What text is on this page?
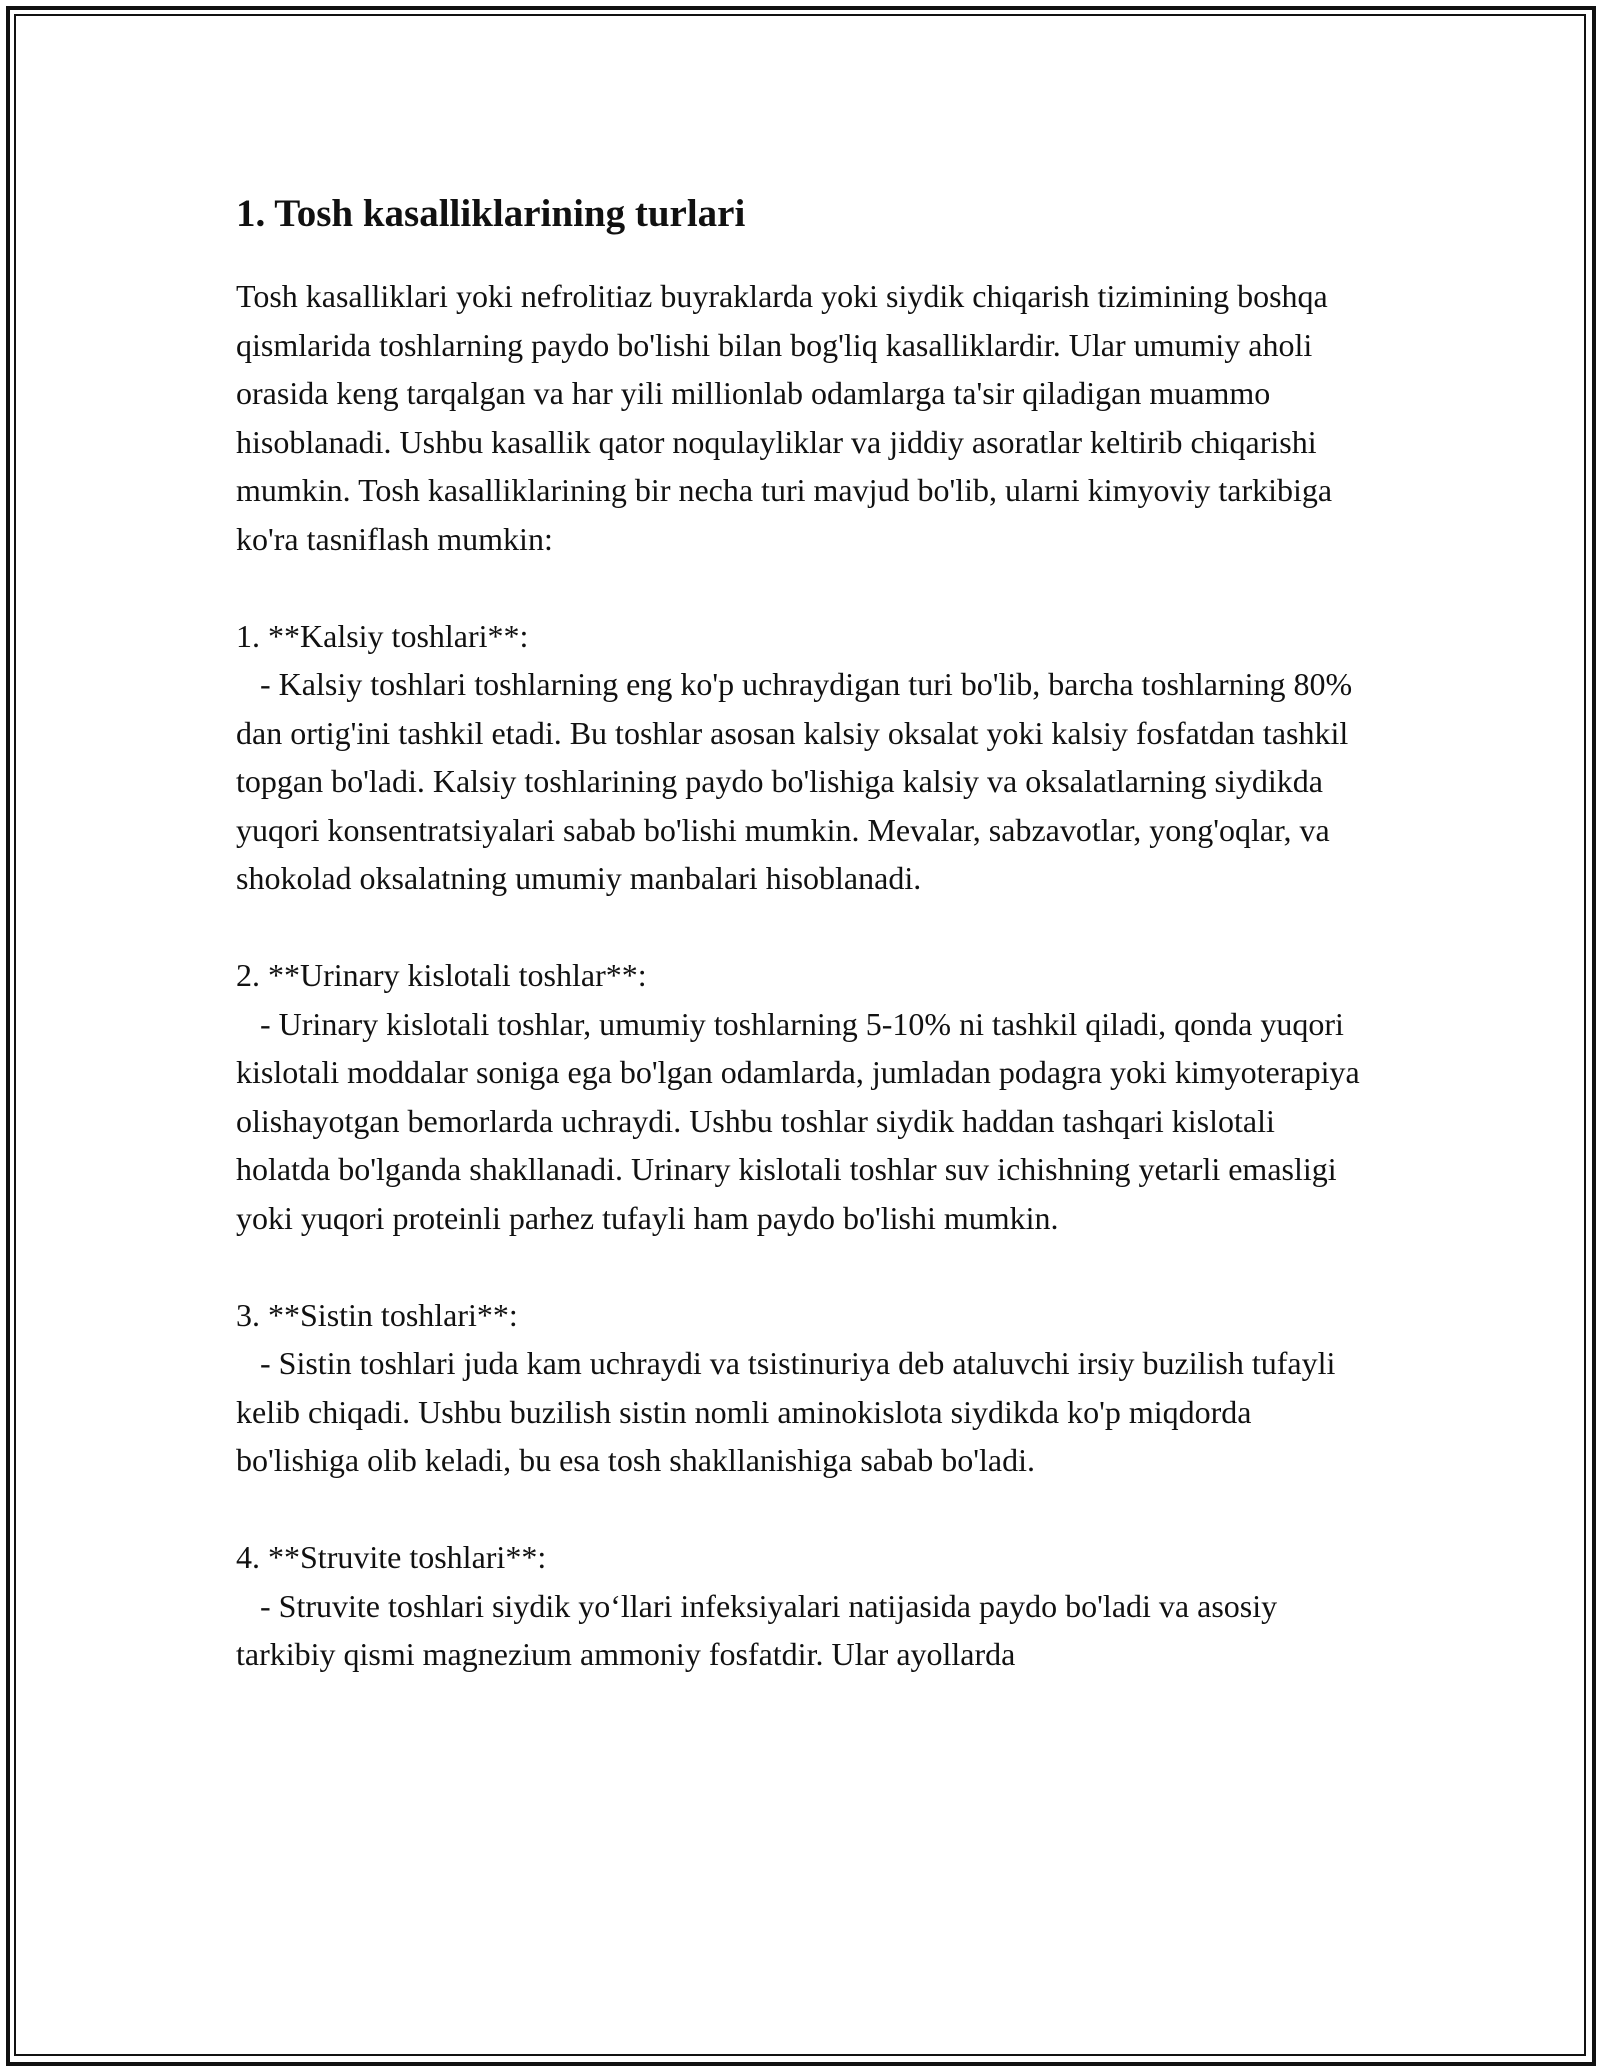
1. Tosh kasalliklarining turlari

Tosh kasalliklari yoki nefrolitiaz buyraklarda yoki siydik chiqarish tizimining boshqa qismlarida toshlarning paydo bo'lishi bilan bog'liq kasalliklardir. Ular umumiy aholi orasida keng tarqalgan va har yili millionlab odamlarga ta'sir qiladigan muammo hisoblanadi. Ushbu kasallik qator noqulayliklar va jiddiy asoratlar keltirib chiqarishi mumkin. Tosh kasalliklarining bir necha turi mavjud bo'lib, ularni kimyoviy tarkibiga ko'ra tasniflash mumkin:

1. **Kalsiy toshlari**:

- Kalsiy toshlari toshlarning eng ko'p uchraydigan turi bo'lib, barcha toshlarning 80% dan ortig'ini tashkil etadi. Bu toshlar asosan kalsiy oksalat yoki kalsiy fosfatdan tashkil topgan bo'ladi. Kalsiy toshlarining paydo bo'lishiga kalsiy va oksalatlarning siydikda yuqori konsentratsiyalari sabab bo'lishi mumkin. Mevalar, sabzavotlar, yong'oqlar, va shokolad oksalatning umumiy manbalari hisoblanadi.

2. **Urinary kislotali toshlar**:

- Urinary kislotali toshlar, umumiy toshlarning 5-10% ni tashkil qiladi, qonda yuqori kislotali moddalar soniga ega bo'lgan odamlarda, jumladan podagra yoki kimyoterapiya olishayotgan bemorlarda uchraydi. Ushbu toshlar siydik haddan tashqari kislotali holatda bo'lganda shakllanadi. Urinary kislotali toshlar suv ichishning yetarli emasligi yoki yuqori proteinli parhez tufayli ham paydo bo'lishi mumkin.

3. **Sistin toshlari**:

- Sistin toshlari juda kam uchraydi va tsistinuriya deb ataluvchi irsiy buzilish tufayli kelib chiqadi. Ushbu buzilish sistin nomli aminokislota siydikda ko'p miqdorda bo'lishiga olib keladi, bu esa tosh shakllanishiga sabab bo'ladi.

4. **Struvite toshlari**:

- Struvite toshlari siydik yo‘llari infeksiyalari natijasida paydo bo'ladi va asosiy tarkibiy qismi magnezium ammoniy fosfatdir. Ular ayollarda
